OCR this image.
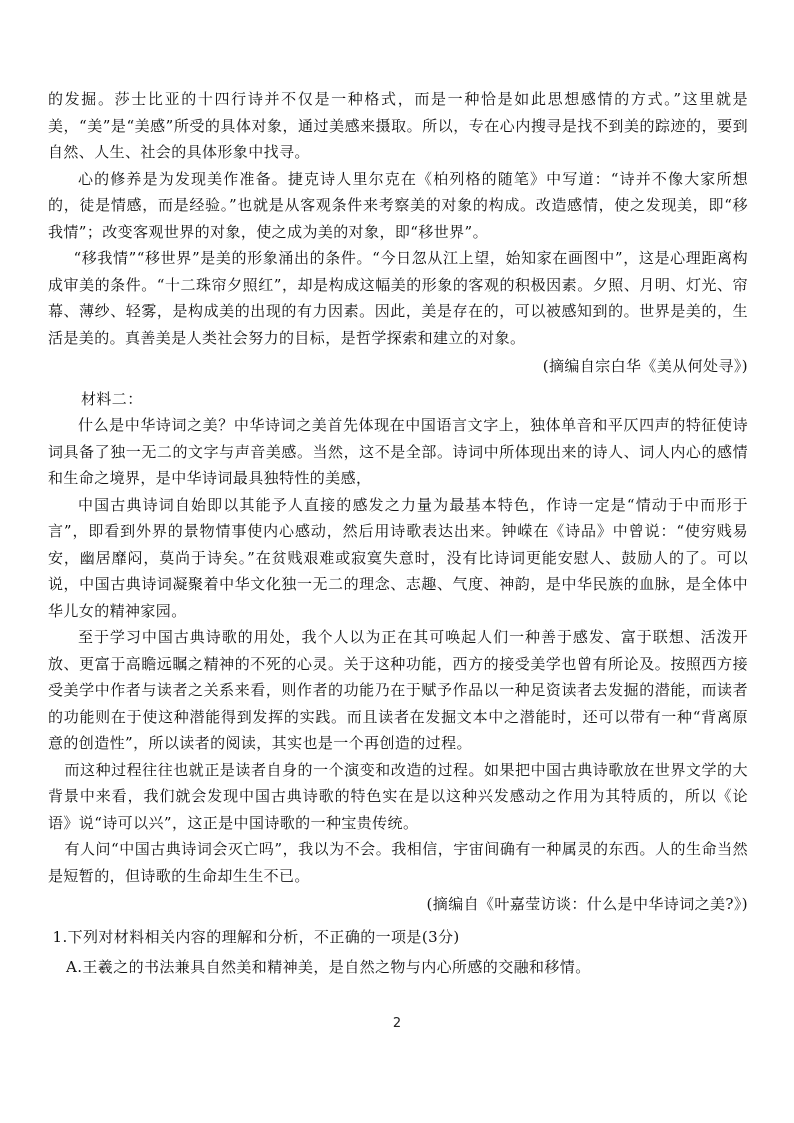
的发掘。莎士比亚的十四行诗并不仅是一种格式，而是一种恰是如此思想感情的方式。”这里就是美，“美”是“美感”所受的具体对象，通过美感来摄取。所以，专在心内搜寻是找不到美的踪迹的，要到自然、人生、社会的具体形象中找寻。

心的修养是为发现美作准备。捷克诗人里尔克在《柏列格的随笔》中写道：“诗并不像大家所想的，徒是情感，而是经验。”也就是从客观条件来考察美的对象的构成。改造感情，使之发现美，即“移我情”；改变客观世界的对象，使之成为美的对象，即“移世界”。

“移我情”“移世界”是美的形象涌出的条件。“今日忽从江上望，始知家在画图中”，这是心理距离构成审美的条件。“十二珠帘夕照红”，却是构成这幅美的形象的客观的积极因素。夕照、月明、灯光、帘幕、薄纱、轻雾，是构成美的出现的有力因素。因此，美是存在的，可以被感知到的。世界是美的，生活是美的。真善美是人类社会努力的目标，是哲学探索和建立的对象。

(摘编自宗白华《美从何处寻》)

材料二：

什么是中华诗词之美？中华诗词之美首先体现在中国语言文字上，独体单音和平仄四声的特征使诗词具备了独一无二的文字与声音美感。当然，这不是全部。诗词中所体现出来的诗人、词人内心的感情和生命之境界，是中华诗词最具独特性的美感，

中国古典诗词自始即以其能予人直接的感发之力量为最基本特色，作诗一定是“情动于中而形于言”，即看到外界的景物情事使内心感动，然后用诗歌表达出来。钟嵘在《诗品》中曾说：“使穷贱易安，幽居靡闷，莫尚于诗矣。”在贫贱艰难或寂寞失意时，没有比诗词更能安慰人、鼓励人的了。可以说，中国古典诗词凝聚着中华文化独一无二的理念、志趣、气度、神韵，是中华民族的血脉，是全体中华儿女的精神家园。

至于学习中国古典诗歌的用处，我个人以为正在其可唤起人们一种善于感发、富于联想、活泼开放、更富于高瞻远瞩之精神的不死的心灵。关于这种功能，西方的接受美学也曾有所论及。按照西方接受美学中作者与读者之关系来看，则作者的功能乃在于赋予作品以一种足资读者去发掘的潜能，而读者的功能则在于使这种潜能得到发挥的实践。而且读者在发掘文本中之潜能时，还可以带有一种“背离原意的创造性”，所以读者的阅读，其实也是一个再创造的过程。

而这种过程往往也就正是读者自身的一个演变和改造的过程。如果把中国古典诗歌放在世界文学的大背景中来看，我们就会发现中国古典诗歌的特色实在是以这种兴发感动之作用为其特质的，所以《论语》说“诗可以兴”，这正是中国诗歌的一种宝贵传统。

有人问“中国古典诗词会灭亡吗”，我以为不会。我相信，宇宙间确有一种属灵的东西。人的生命当然是短暂的，但诗歌的生命却生生不已。

(摘编自《叶嘉莹访谈：什么是中华诗词之美?》)

1.下列对材料相关内容的理解和分析，不正确的一项是(3分)

A.王羲之的书法兼具自然美和精神美，是自然之物与内心所感的交融和移情。

2
